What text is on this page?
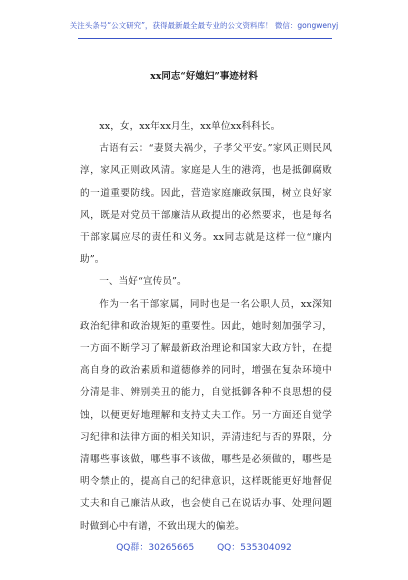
关注头条号“公文研究”，获得最新最全最专业的公文资料库！ 微信：gongwenyj
xx同志“好媳妇”事迹材料

xx，女，xx年xx月生，xx单位xx科科长。

古语有云：“妻贤夫祸少，子孝父平安。”家风正则民风淳，家风正则政风清。家庭是人生的港湾，也是抵御腐败的一道重要防线。因此，营造家庭廉政氛围，树立良好家风，既是对党员干部廉洁从政提出的必然要求，也是每名干部家属应尽的责任和义务。xx同志就是这样一位“廉内助”。

一、当好“宣传员”。

作为一名干部家属，同时也是一名公职人员，xx深知政治纪律和政治规矩的重要性。因此，她时刻加强学习，一方面不断学习了解最新政治理论和国家大政方针，在提高自身的政治素质和道德修养的同时，增强在复杂环境中分清是非、辨别美丑的能力，自觉抵御各种不良思想的侵蚀，以便更好地理解和支持丈夫工作。另一方面还自觉学习纪律和法律方面的相关知识，弄清违纪与否的界限，分清哪些事该做，哪些事不该做，哪些是必须做的，哪些是明令禁止的，提高自己的纪律意识，这样既能更好地督促丈夫和自己廉洁从政，也会使自己在说话办事、处理问题时做到心中有谱，不致出现大的偏差。

QQ群：30265665	QQ：535304092
